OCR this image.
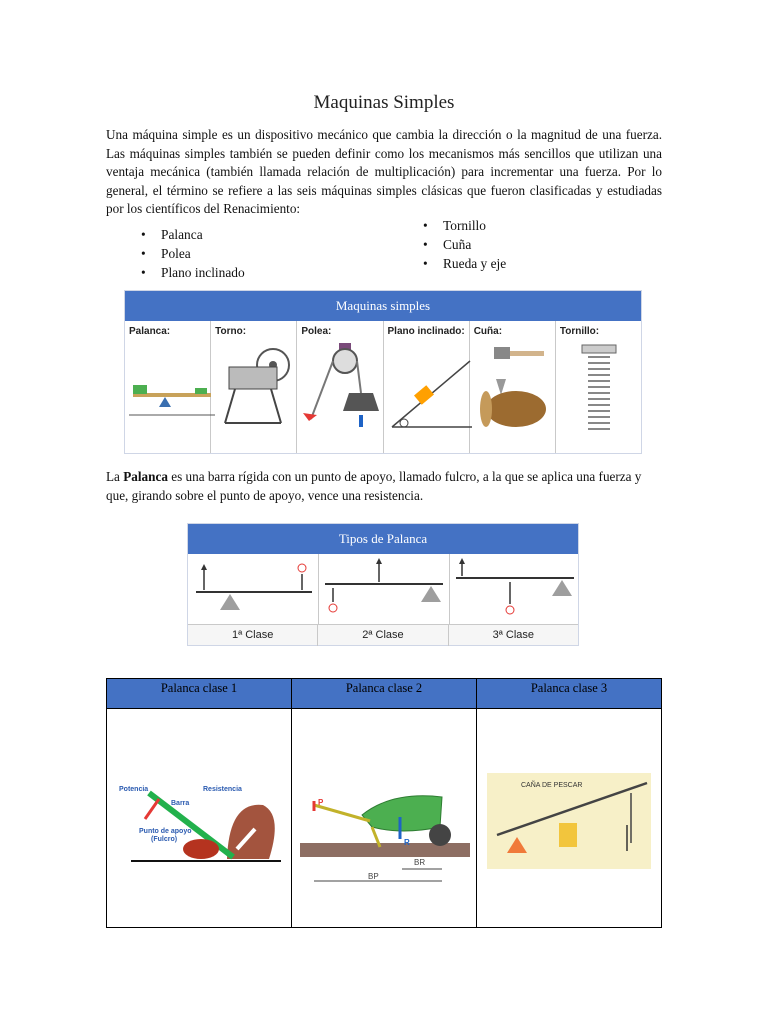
Maquinas Simples
Una máquina simple es un dispositivo mecánico que cambia la dirección o la magnitud de una fuerza. Las máquinas simples también se pueden definir como los mecanismos más sencillos que utilizan una ventaja mecánica (también llamada relación de multiplicación) para incrementar una fuerza. Por lo general, el término se refiere a las seis máquinas simples clásicas que fueron clasificadas y estudiadas por los científicos del Renacimiento:
• Palanca
• Polea
• Plano inclinado
• Tornillo
• Cuña
• Rueda y eje
Maquinas simples
Palanca:	Torno:	Polea:	Plano inclinado: Cuña:	Tornillo:
La Palanca es una barra rígida con un punto de apoyo, llamado fulcro, a la que se aplica una fuerza y que, girando sobre el punto de apoyo, vence una resistencia.
Tipos de Palanca
1ª Clase	2ª Clase	3ª Clase
Palanca clase 1	Palanca clase 2	Palanca clase 3

Potencia
Barra
Resistencia
Punto de apoyo
(Fulcro)	P
R
BR
BP	CAÑA DE PESCAR
